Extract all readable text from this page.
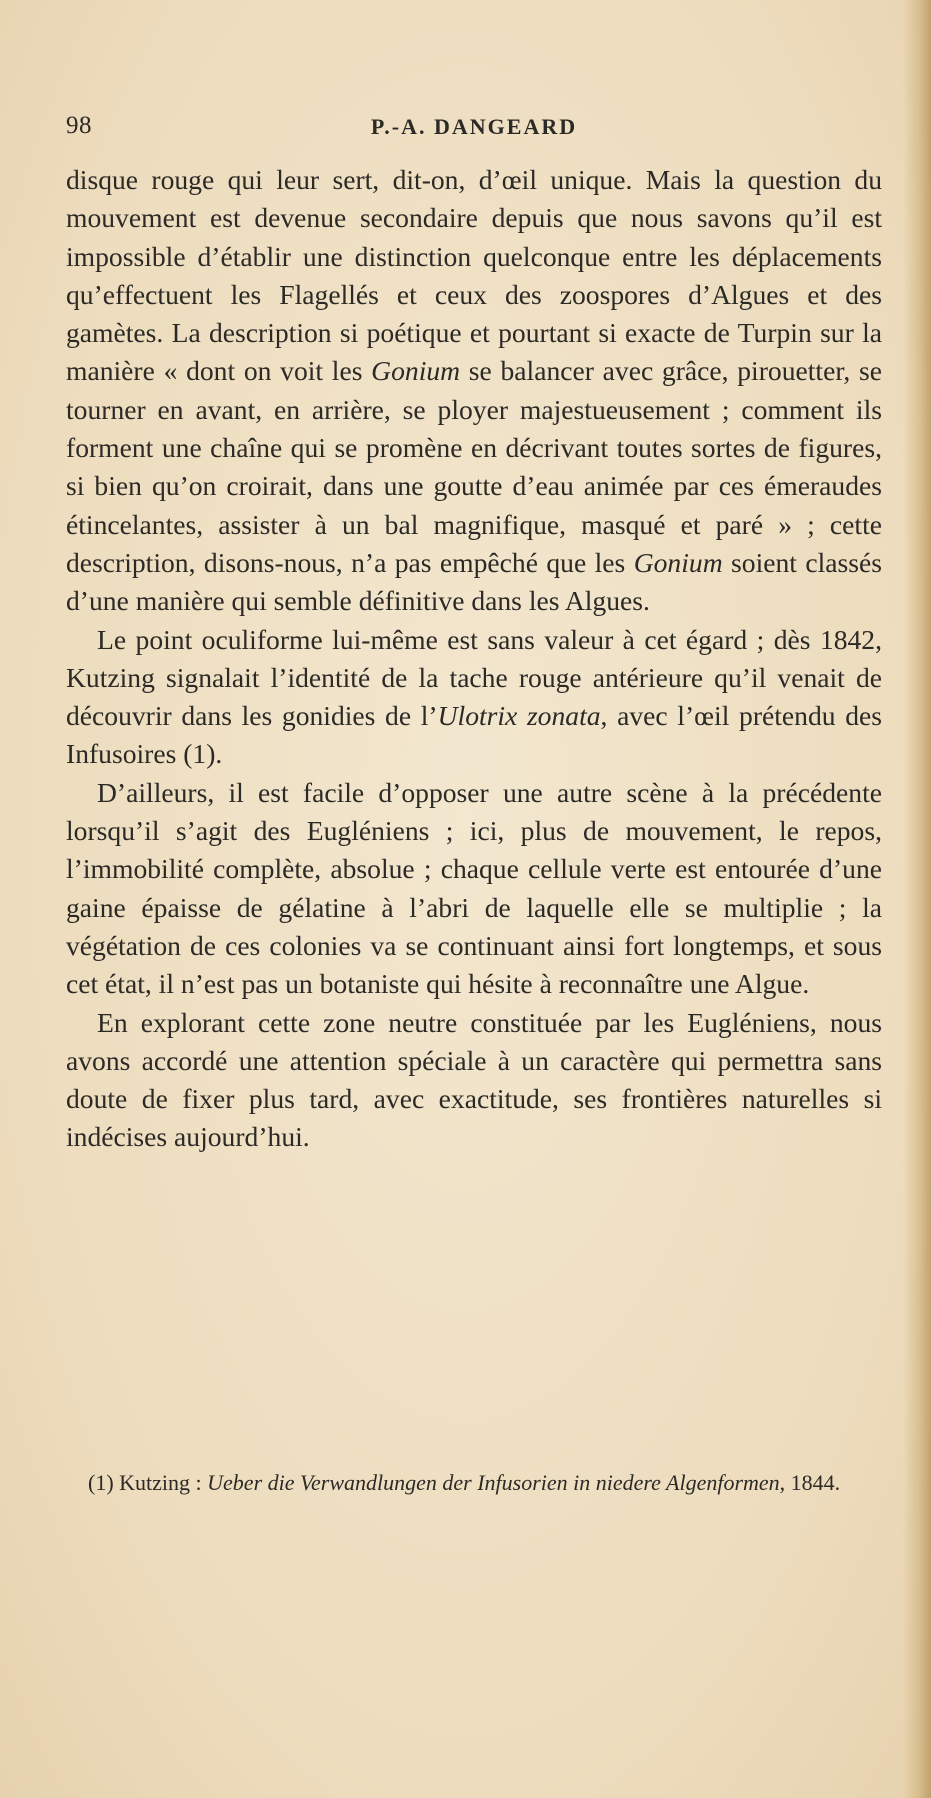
98	P.-A. DANGEARD

disque rouge qui leur sert, dit-on, d’œil unique. Mais la question du mouvement est devenue secondaire depuis que nous savons qu’il est impossible d’établir une distinction quelconque entre les déplacements qu’effectuent les Flagellés et ceux des zoospores d’Algues et des gamètes. La description si poétique et pourtant si exacte de Turpin sur la manière « dont on voit les Gonium se balancer avec grâce, pirouetter, se tourner en avant, en arrière, se ployer majestueusement ; comment ils forment une chaîne qui se promène en décrivant toutes sortes de figures, si bien qu’on croirait, dans une goutte d’eau animée par ces émeraudes étincelantes, assister à un bal magnifique, masqué et paré » ; cette description, disons-nous, n’a pas empêché que les Gonium soient classés d’une manière qui semble définitive dans les Algues.

Le point oculiforme lui-même est sans valeur à cet égard ; dès 1842, Kutzing signalait l’identité de la tache rouge antérieure qu’il venait de découvrir dans les gonidies de l’Ulotrix zonata, avec l’œil prétendu des Infusoires (1).

D’ailleurs, il est facile d’opposer une autre scène à la précédente lorsqu’il s’agit des Eugléniens ; ici, plus de mouvement, le repos, l’immobilité complète, absolue ; chaque cellule verte est entourée d’une gaine épaisse de gélatine à l’abri de laquelle elle se multiplie ; la végétation de ces colonies va se continuant ainsi fort longtemps, et sous cet état, il n’est pas un botaniste qui hésite à reconnaître une Algue.

En explorant cette zone neutre constituée par les Eugléniens, nous avons accordé une attention spéciale à un caractère qui permettra sans doute de fixer plus tard, avec exactitude, ses frontières naturelles si indécises aujourd’hui.

(1) Kutzing : Ueber die Verwandlungen der Infusorien in niedere Algenformen, 1844.
